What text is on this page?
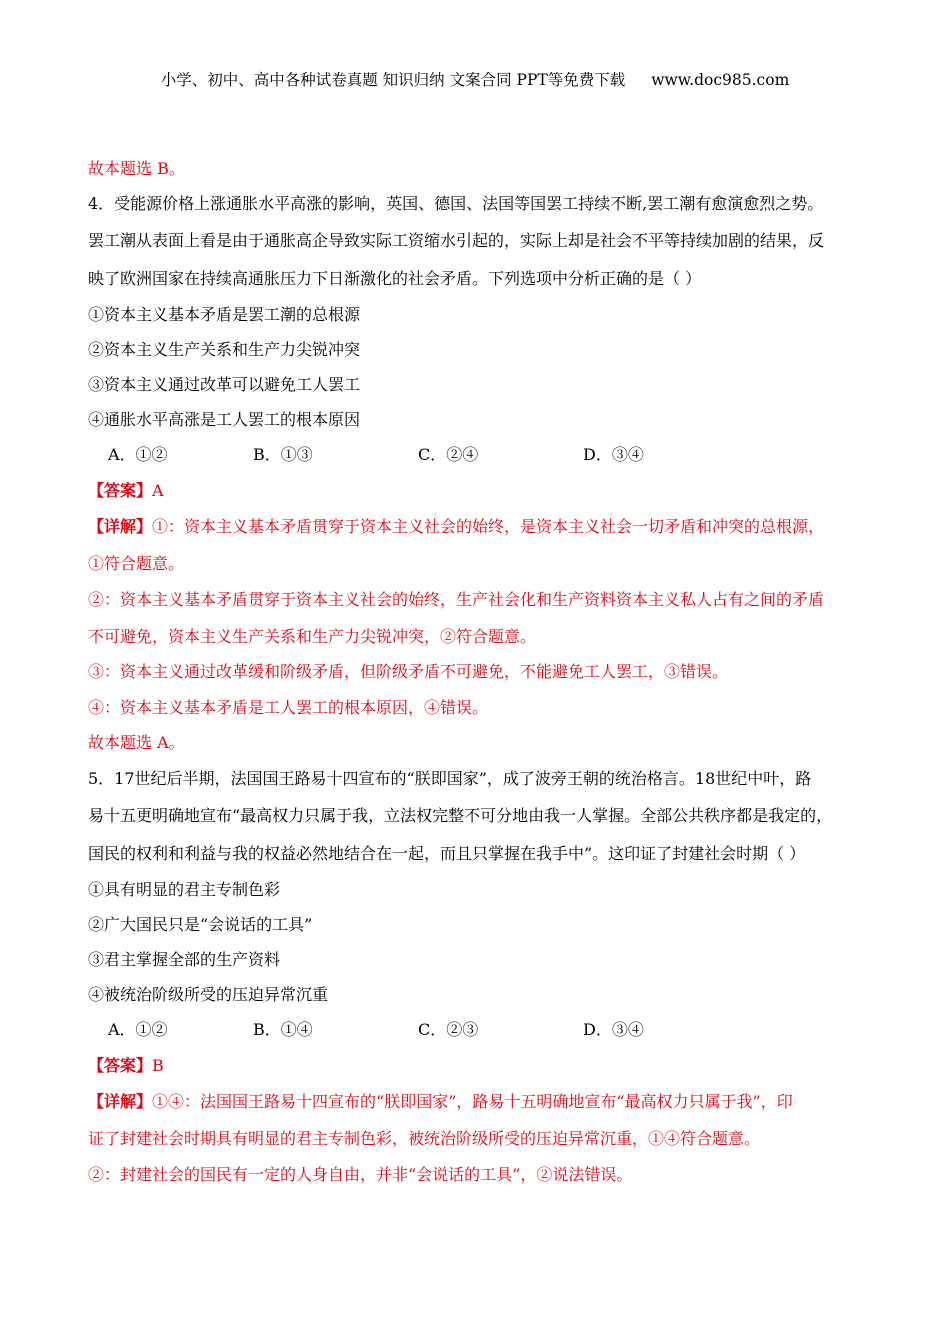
小学、初中、高中各种试卷真题 知识归纳 文案合同 PPT等免费下载 www.doc985.com
故本题选 B。
4．受能源价格上涨通胀水平高涨的影响，英国、德国、法国等国罢工持续不断,罢工潮有愈演愈烈之势。
罢工潮从表面上看是由于通胀高企导致实际工资缩水引起的，实际上却是社会不平等持续加剧的结果，反
映了欧洲国家在持续高通胀压力下日渐激化的社会矛盾。下列选项中分析正确的是（ ）
①资本主义基本矛盾是罢工潮的总根源
②资本主义生产关系和生产力尖锐冲突
③资本主义通过改革可以避免工人罢工
④通胀水平高涨是工人罢工的根本原因
A．①②	B．①③	C．②④	D．③④
【答案】A
【详解】①：资本主义基本矛盾贯穿于资本主义社会的始终，是资本主义社会一切矛盾和冲突的总根源，
①符合题意。
②：资本主义基本矛盾贯穿于资本主义社会的始终，生产社会化和生产资料资本主义私人占有之间的矛盾
不可避免，资本主义生产关系和生产力尖锐冲突，②符合题意。
③：资本主义通过改革缓和阶级矛盾，但阶级矛盾不可避免，不能避免工人罢工，③错误。
④：资本主义基本矛盾是工人罢工的根本原因，④错误。
故本题选 A。
5．17世纪后半期，法国国王路易十四宣布的“朕即国家”，成了波旁王朝的统治格言。18世纪中叶，路
易十五更明确地宣布“最高权力只属于我，立法权完整不可分地由我一人掌握。全部公共秩序都是我定的，
国民的权利和利益与我的权益必然地结合在一起，而且只掌握在我手中”。这印证了封建社会时期（ ）
①具有明显的君主专制色彩
②广大国民只是“会说话的工具”
③君主掌握全部的生产资料
④被统治阶级所受的压迫异常沉重
A．①②	B．①④	C．②③	D．③④
【答案】B
【详解】①④：法国国王路易十四宣布的“朕即国家”，路易十五明确地宣布“最高权力只属于我”，印
证了封建社会时期具有明显的君主专制色彩，被统治阶级所受的压迫异常沉重，①④符合题意。
②：封建社会的国民有一定的人身自由，并非“会说话的工具”，②说法错误。
